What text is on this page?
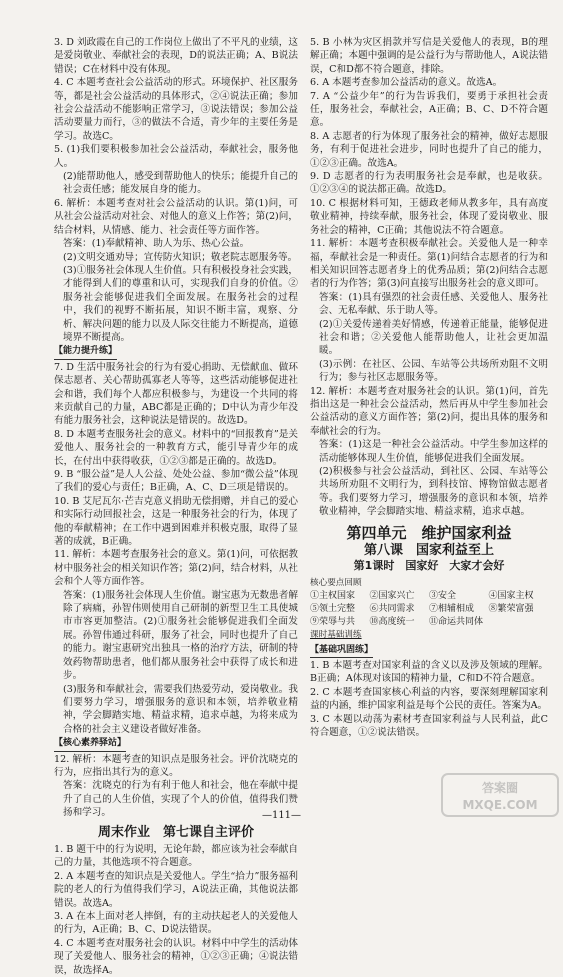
3. D 刘政霞在自己的工作岗位上做出了不平凡的业绩，这是爱岗敬业、奉献社会的表现，D的说法正确；A、B说法错误；C在材料中没有体现。

4. C 本题考查社会公益活动的形式。环境保护、社区服务等，都是社会公益活动的具体形式，②④说法正确；参加社会公益活动不能影响正常学习，③说法错误；参加公益活动要量力而行，③的做法不合适，青少年的主要任务是学习。故选C。

5. (1)我们要积极参加社会公益活动，奉献社会，服务他人。

(2)能帮助他人，感受到帮助他人的快乐；能提升自己的社会责任感；能发展自身的能力。

6. 解析：本题考查对社会公益活动的认识。第(1)问，可从社会公益活动对社会、对他人的意义上作答；第(2)问，结合材料，从情感、能力、社会责任等方面作答。

答案：(1)奉献精神、助人为乐、热心公益。

(2)文明交通劝导；宣传防火知识；敬老院志愿服务等。

(3)①服务社会体现人生价值。只有积极投身社会实践，才能得到人们的尊重和认可，实现我们自身的价值。②服务社会能够促进我们全面发展。在服务社会的过程中，我们的视野不断拓展，知识不断丰富，观察、分析、解决问题的能力以及人际交往能力不断提高，道德境界不断提高。

【能力提升练】

7. D 生活中服务社会的行为有爱心捐助、无偿献血、做环保志愿者、关心帮助孤寡老人等等，这些活动能够促进社会和谐，我们每个人都应积极参与，为建设一个共同的将来贡献自己的力量，ABC都是正确的；D中认为青少年没有能力服务社会，这种说法是错误的。故选D。

8. D 本题考查服务社会的意义。材料中的“回报教育”是关爱他人、服务社会的一种教育方式，能引导青少年的成长，在付出中获得收获，①②③都是正确的。故选D。

9. B “服公益”是人人公益、处处公益、参加“微公益”体现了我们的爱心与责任；B正确，A、C、D三项是错误的。

10. B 艾尼瓦尔·芒吉克意义捐助无偿捐赠，并自己的爱心和实际行动回报社会，这是一种服务社会的行为，体现了他的奉献精神；在工作中遇到困难并积极克服，取得了显著的成就，B正确。

11. 解析：本题考查服务社会的意义。第(1)问，可依据教材中服务社会的相关知识作答；第(2)问，结合材料，从社会和个人等方面作答。

答案：(1)服务社会体现人生价值。谢宝惠为无数患者解除了病痛，孙智伟则使用自己研制的新型卫生工具使城市市容更加整洁。(2)①服务社会能够促进我们全面发展。孙智伟通过科研，服务了社会，同时也提升了自己的能力。谢宝惠研究出独具一格的治疗方法，研制的特效药物帮助患者，他们都从服务社会中获得了成长和进步。

(3)服务和奉献社会，需要我们热爱劳动，爱岗敬业。我们要努力学习，增强服务的意识和本领，培养敬业精神，学会脚踏实地、精益求精，追求卓越，为将来成为合格的社会主义建设者做好准备。

【核心素养驿站】

12. 解析：本题考查的知识点是服务社会。评价沈晓克的行为，应指出其行为的意义。

答案：沈晓克的行为有利于他人和社会，他在奉献中提升了自己的人生价值，实现了个人的价值，值得我们赞扬和学习。

周末作业　第七课自主评价

1. B 题干中的行为说明，无论年龄，都应该为社会奉献自己的力量，其他选项不符合题意。

2. A 本题考查的知识点是关爱他人。学生“拾力”服务福利院的老人的行为值得我们学习，A说法正确，其他说法都错误。故选A。

3. A 在本上面对老人摔倒，有的主动扶起老人的关爱他人的行为，A正确；B、C、D说法错误。

4. C 本题考查对服务社会的认识。材料中中学生的活动体现了关爱他人、服务社会的精神，①②③正确；④说法错误，故选择A。

5. B 小林为灾区捐款并写信是关爱他人的表现，B的理解正确；本题中强调的是公益行为与帮助他人，A说法错误，C和D都不符合题意，排除。

6. A 本题考查参加公益活动的意义。故选A。

7. A “公益少年”的行为告诉我们，要勇于承担社会责任，服务社会，奉献社会，A正确；B、C、D不符合题意。

8. A 志愿者的行为体现了服务社会的精神，做好志愿服务，有利于促进社会进步，同时也提升了自己的能力，①②③正确。故选A。

9. D 志愿者的行为表明服务社会是奉献，也是收获。①②③④的说法都正确。故选D。

10. C 根据材料可知，王德政老师从教多年，具有高度敬业精神，持续奉献，服务社会，体现了爱岗敬业、服务社会的精神，C正确；其他说法不符合题意。

11. 解析：本题考查积极奉献社会。关爱他人是一种幸福，奉献社会是一种责任。第(1)问结合志愿者的行为和相关知识回答志愿者身上的优秀品质；第(2)问结合志愿者的行为作答；第(3)问直接写出服务社会的意义即可。

答案：(1)具有强烈的社会责任感、关爱他人、服务社会、无私奉献、乐于助人等。

(2)①关爱传递着美好情感，传递着正能量，能够促进社会和谐；②关爱他人能帮助他人，让社会更加温暖。

(3)示例：在社区、公园、车站等公共场所劝阻不文明行为；参与社区志愿服务等。

12. 解析：本题考查对服务社会的认识。第(1)问，首先指出这是一种社会公益活动，然后再从中学生参加社会公益活动的意义方面作答；第(2)问，提出具体的服务和奉献社会的行为。

答案：(1)这是一种社会公益活动。中学生参加这样的活动能够体现人生价值，能够促进我们全面发展。

(2)积极参与社会公益活动，到社区、公园、车站等公共场所劝阻不文明行为，到科技馆、博物馆做志愿者等。我们要努力学习，增强服务的意识和本领，培养敬业精神，学会脚踏实地、精益求精，追求卓越。

第四单元　维护国家利益
第八课　国家利益至上
第1课时　国家好　大家才会好
核心要点回顾
①主权国家	②国家兴亡	③安全	④国家主权
⑤领土完整	⑥共同需求	⑦相辅相成	⑧繁荣富强
⑨荣辱与共	⑩高度统一	⑪命运共同体
课时基础训练
【基础巩固练】

1. B 本题考查对国家利益的含义以及涉及领域的理解。B正确；A体现对该国的精神力量，C和D不符合题意。

2. C 本题考查国家核心利益的内容，要深刻理解国家利益的内涵，维护国家利益是每个公民的责任。答案为A。

3. C 本题以动荡为素材考查国家利益与人民利益，此C符合题意，①②说法错误。

—111—
答案圈
MXQE.COM
